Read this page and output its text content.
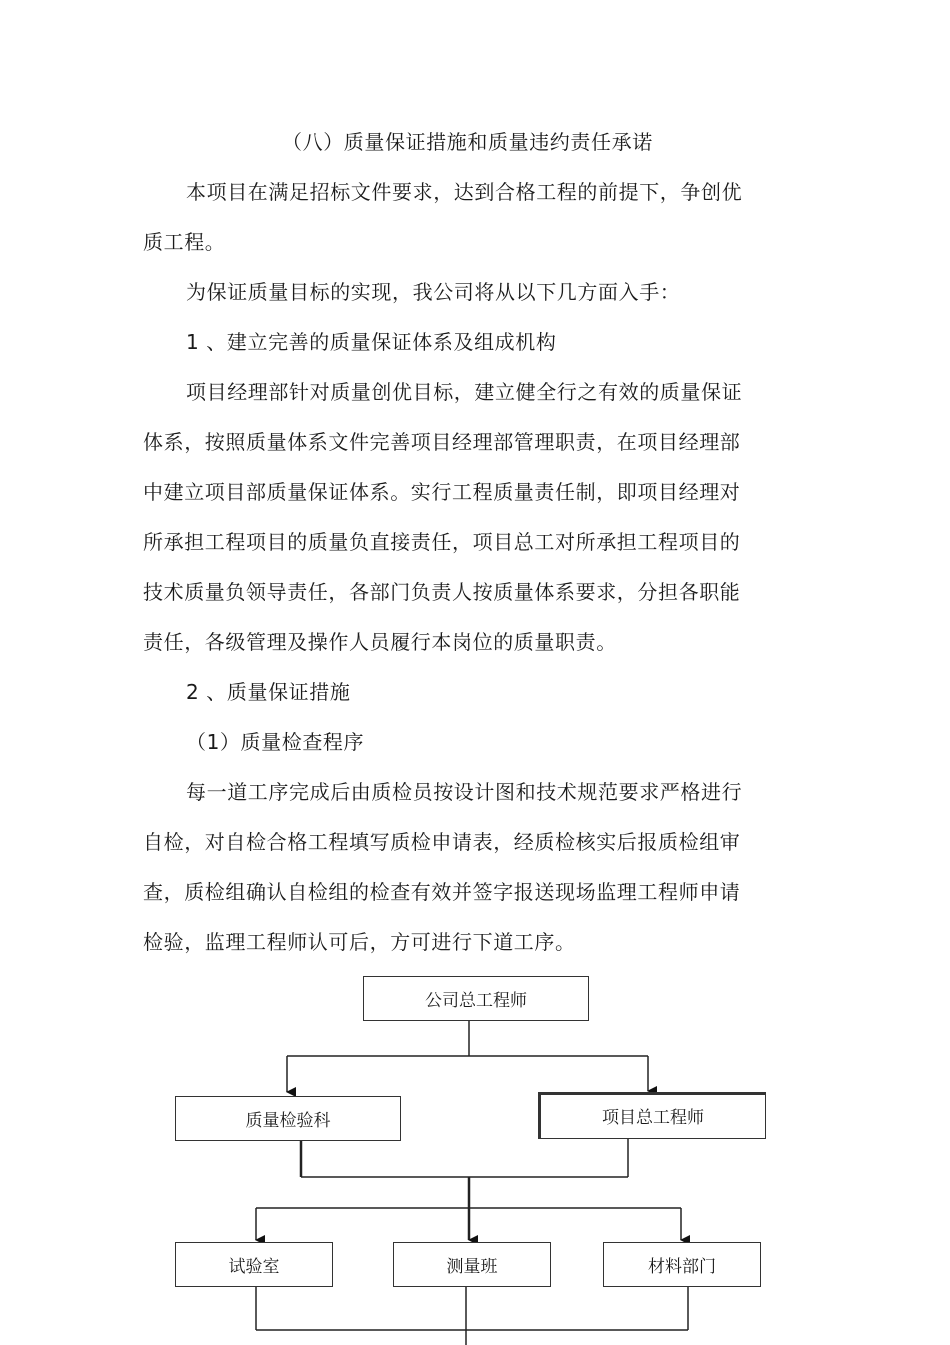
（八）质量保证措施和质量违约责任承诺
本项目在满足招标文件要求，达到合格工程的前提下，争创优
质工程。
为保证质量目标的实现，我公司将从以下几方面入手：
1 、建立完善的质量保证体系及组成机构
项目经理部针对质量创优目标，建立健全行之有效的质量保证
体系，按照质量体系文件完善项目经理部管理职责，在项目经理部
中建立项目部质量保证体系。实行工程质量责任制，即项目经理对
所承担工程项目的质量负直接责任，项目总工对所承担工程项目的
技术质量负领导责任，各部门负责人按质量体系要求，分担各职能
责任，各级管理及操作人员履行本岗位的质量职责。
2 、质量保证措施
（1）质量检查程序
每一道工序完成后由质检员按设计图和技术规范要求严格进行
自检，对自检合格工程填写质检申请表，经质检核实后报质检组审
查，质检组确认自检组的检查有效并签字报送现场监理工程师申请
检验，监理工程师认可后，方可进行下道工序。
公司总工程师
质量检验科	项目总工程师
试验室	测量班	材料部门
